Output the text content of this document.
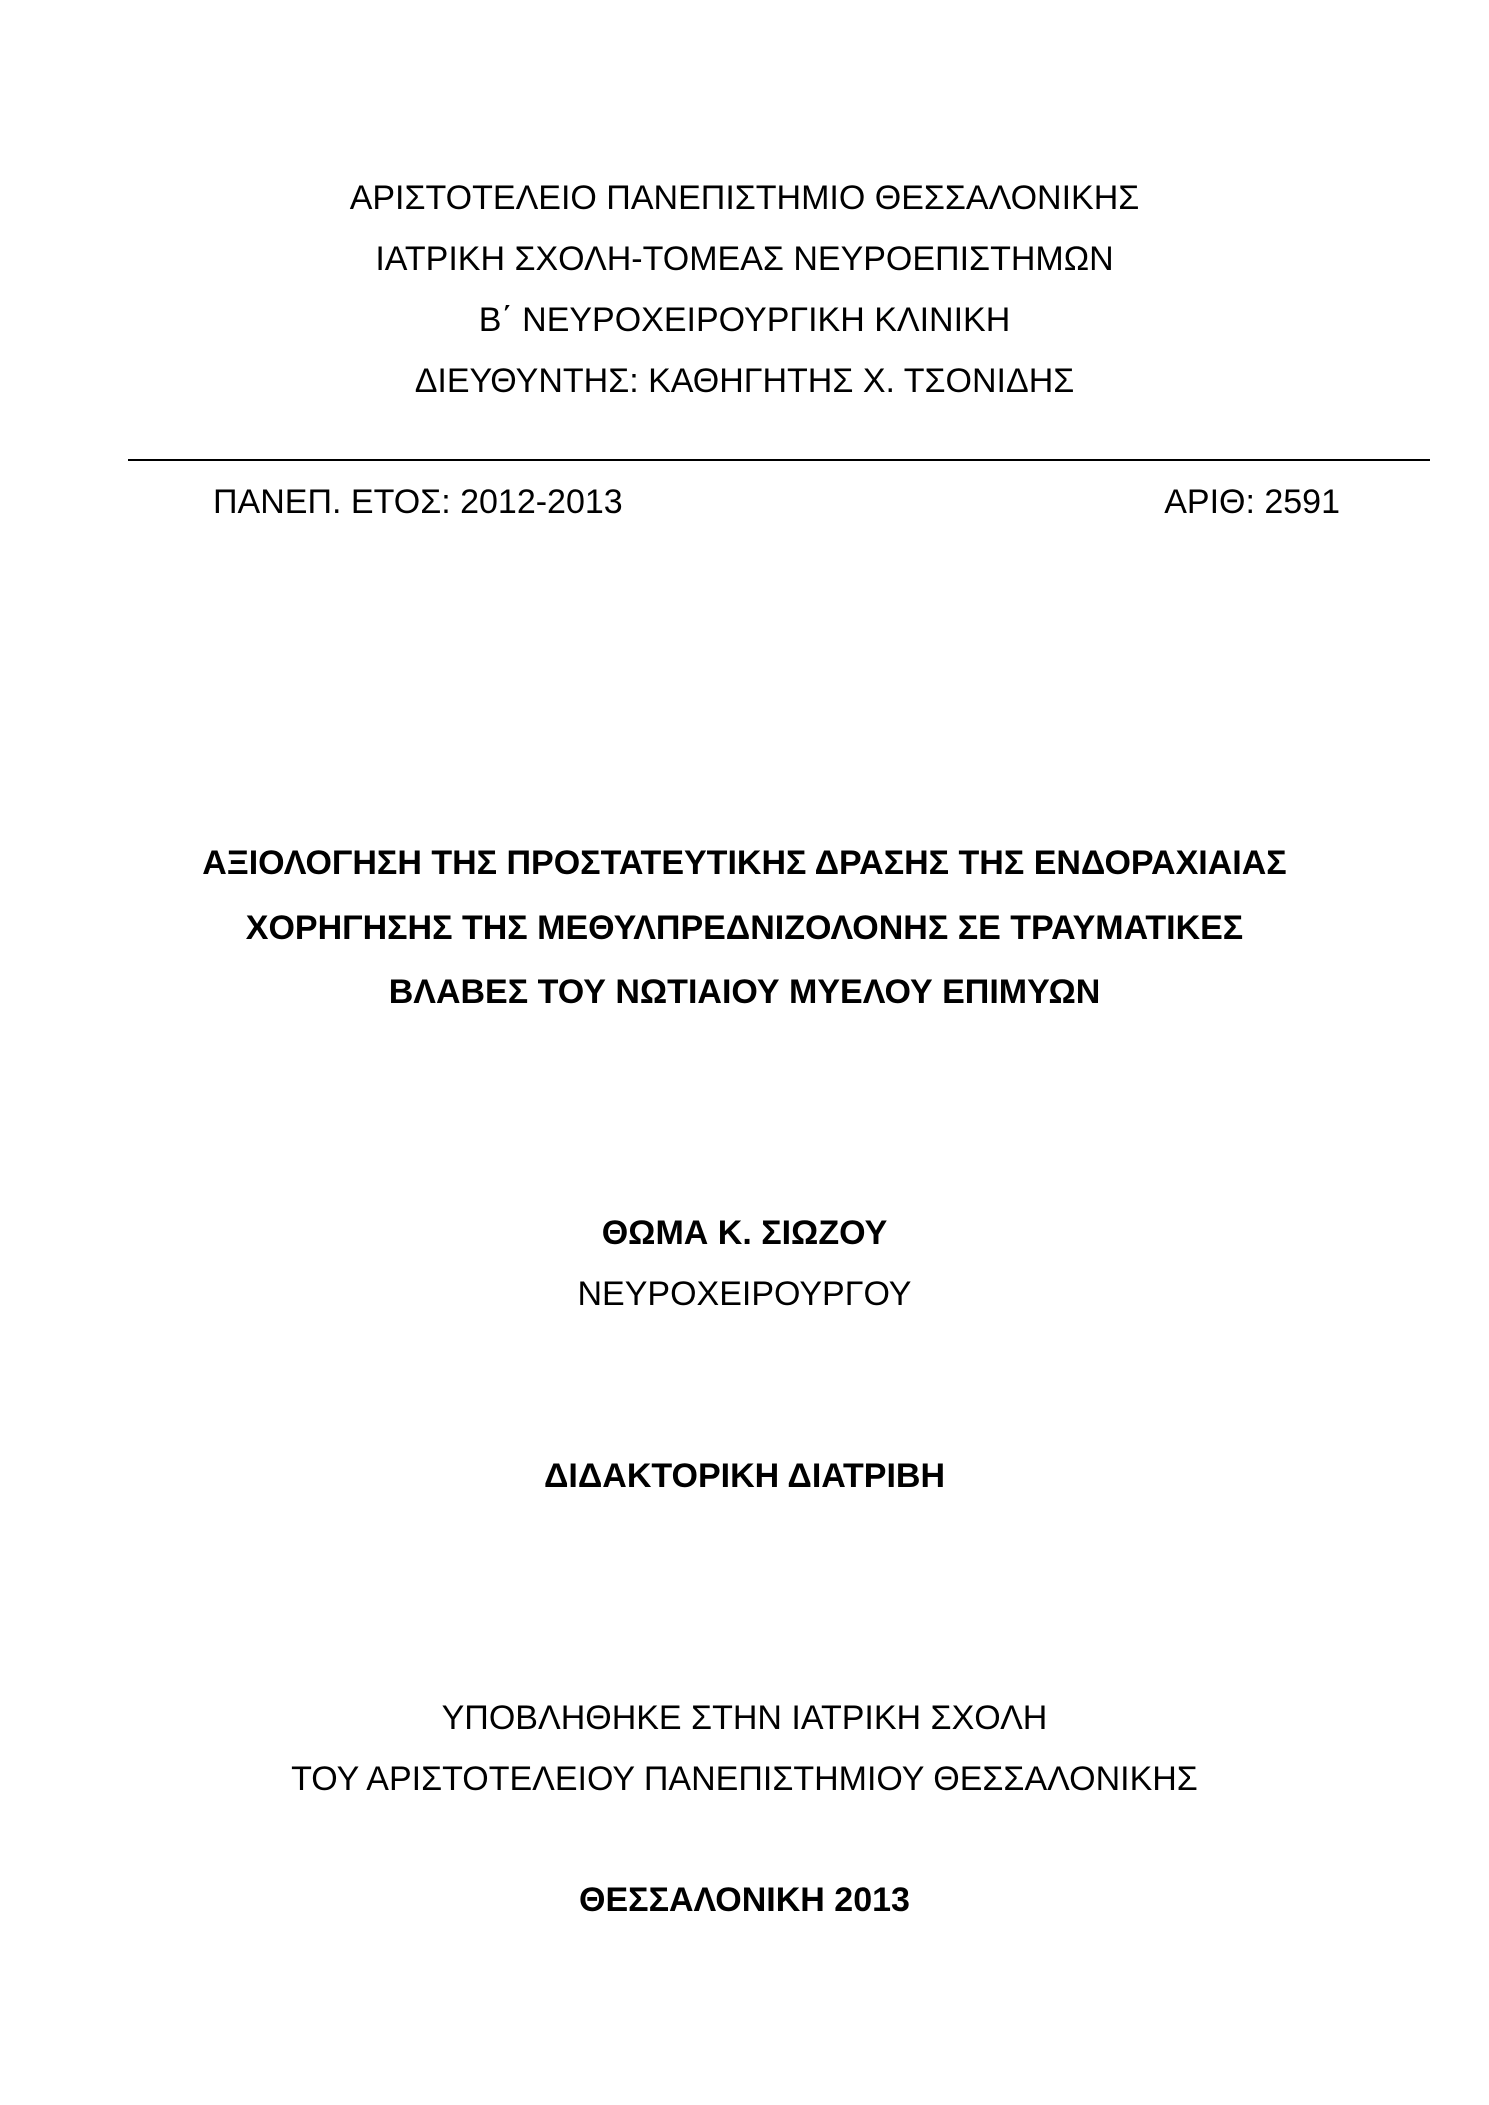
ΑΡΙΣΤΟΤΕΛΕΙΟ ΠΑΝΕΠΙΣΤΗΜΙΟ ΘΕΣΣΑΛΟΝΙΚΗΣ
ΙΑΤΡΙΚΗ ΣΧΟΛΗ-ΤΟΜΕΑΣ ΝΕΥΡΟΕΠΙΣΤΗΜΩΝ
Β΄ ΝΕΥΡΟΧΕΙΡΟΥΡΓΙΚΗ ΚΛΙΝΙΚΗ
ΔΙΕΥΘΥΝΤΗΣ: ΚΑΘΗΓΗΤΗΣ Χ. ΤΣΟΝΙΔΗΣ
ΠΑΝΕΠ. ΕΤΟΣ: 2012-2013	ΑΡΙΘ: 2591
ΑΞΙΟΛΟΓΗΣΗ ΤΗΣ ΠΡΟΣΤΑΤΕΥΤΙΚΗΣ ΔΡΑΣΗΣ ΤΗΣ ΕΝΔΟΡΑΧΙΑΙΑΣ
ΧΟΡΗΓΗΣΗΣ ΤΗΣ ΜΕΘΥΛΠΡΕΔΝΙΖΟΛΟΝΗΣ ΣΕ ΤΡΑΥΜΑΤΙΚΕΣ
ΒΛΑΒΕΣ ΤΟΥ ΝΩΤΙΑΙΟΥ ΜΥΕΛΟΥ ΕΠΙΜΥΩΝ
ΘΩΜΑ Κ. ΣΙΩΖΟΥ
ΝΕΥΡΟΧΕΙΡΟΥΡΓΟΥ
ΔΙΔΑΚΤΟΡΙΚΗ ΔΙΑΤΡΙΒΗ
ΥΠΟΒΛΗΘΗΚΕ ΣΤΗΝ ΙΑΤΡΙΚΗ ΣΧΟΛΗ
ΤΟΥ ΑΡΙΣΤΟΤΕΛΕΙΟΥ ΠΑΝΕΠΙΣΤΗΜΙΟΥ ΘΕΣΣΑΛΟΝΙΚΗΣ
ΘΕΣΣΑΛΟΝΙΚΗ 2013
